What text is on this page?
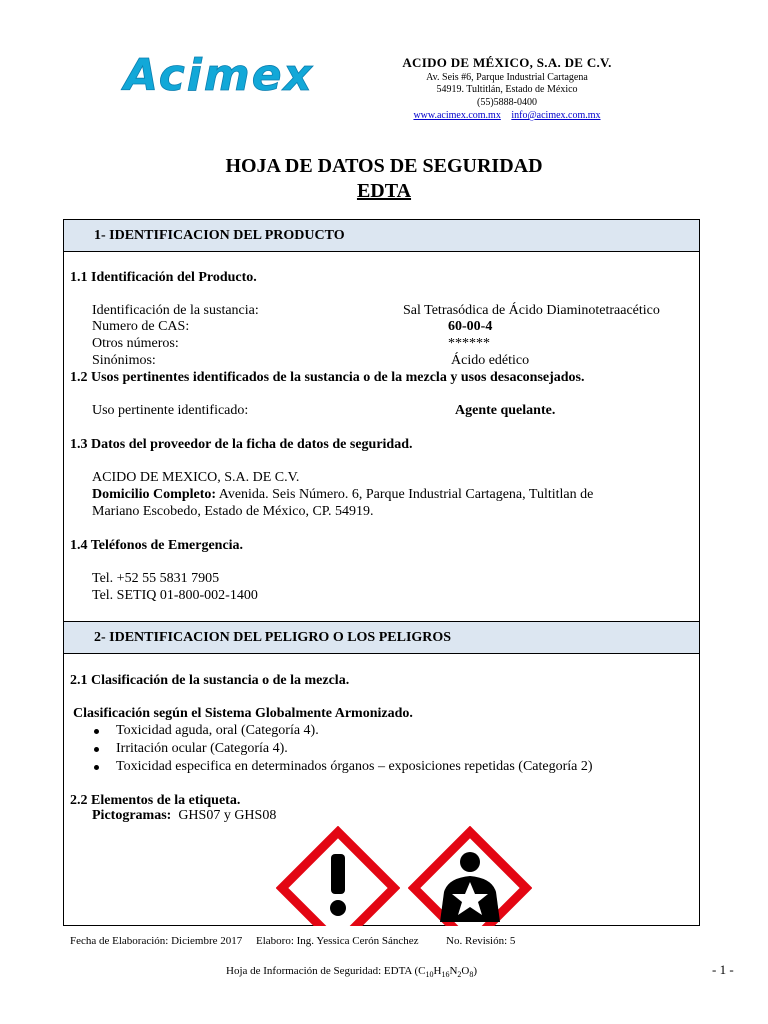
Acimex	ACIDO DE MÉXICO, S.A. DE C.V.
Av. Seis #6, Parque Industrial Cartagena
54919. Tultitlán, Estado de México
(55)5888-0400
www.acimex.com.mx info@acimex.com.mx
HOJA DE DATOS DE SEGURIDAD
EDTA
1- IDENTIFICACION DEL PRODUCTO
1.1 Identificación del Producto.
Identificación de la sustancia:	Sal Tetrasódica de Ácido Diaminotetraacético
Numero de CAS:	60-00-4
Otros números:	******
Sinónimos:	Ácido edético
1.2 Usos pertinentes identificados de la sustancia o de la mezcla y usos desaconsejados.
Uso pertinente identificado:	Agente quelante.
1.3 Datos del proveedor de la ficha de datos de seguridad.
ACIDO DE MEXICO, S.A. DE C.V.
Domicilio Completo: Avenida. Seis Número. 6, Parque Industrial Cartagena, Tultitlan de
Mariano Escobedo, Estado de México, CP. 54919.
1.4 Teléfonos de Emergencia.
Tel. +52 55 5831 7905
Tel. SETIQ 01-800-002-1400
2- IDENTIFICACION DEL PELIGRO O LOS PELIGROS
2.1 Clasificación de la sustancia o de la mezcla.
Clasificación según el Sistema Globalmente Armonizado.
Toxicidad aguda, oral (Categoría 4).
Irritación ocular (Categoría 4).
Toxicidad especifica en determinados órganos – exposiciones repetidas (Categoría 2)
2.2 Elementos de la etiqueta.
Pictogramas:  GHS07 y GHS08
Fecha de Elaboración: Diciembre 2017     Elaboro: Ing. Yessica Cerón Sánchez          No. Revisión: 5
Hoja de Información de Seguridad: EDTA $(C_{10}H_{16}N_2O_8)$	- 1 -
